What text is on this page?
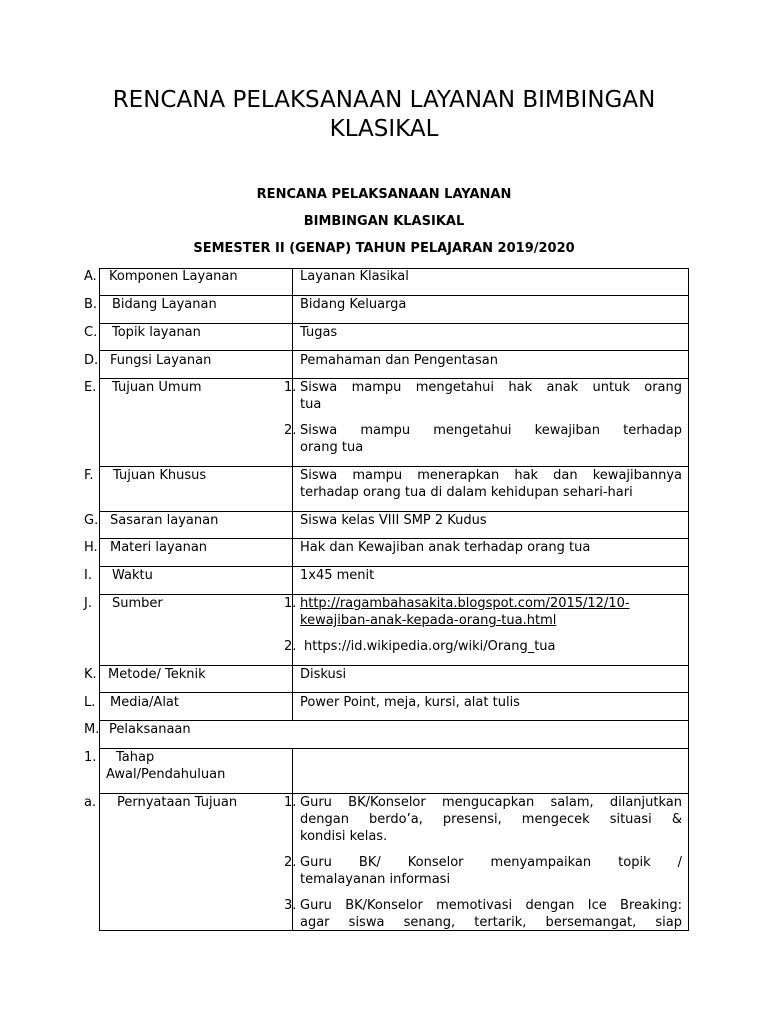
RENCANA PELAKSANAAN LAYANAN BIMBINGAN KLASIKAL
RENCANA PELAKSANAAN LAYANAN
BIMBINGAN KLASIKAL
SEMESTER II (GENAP) TAHUN PELAJARAN 2019/2020
A. Komponen Layanan	Layanan Klasikal
B. Bidang Layanan	Bidang Keluarga
C. Topik layanan	Tugas
D. Fungsi Layanan	Pemahaman dan Pengentasan
E. Tujuan Umum	1. Siswa mampu mengetahui hak anak untuk orang
tua
2. Siswa mampu mengetahui kewajiban terhadap
orang tua
F. Tujuan Khusus	Siswa mampu menerapkan hak dan kewajibannya
terhadap orang tua di dalam kehidupan sehari-hari
G. Sasaran layanan	Siswa kelas VIII SMP 2 Kudus
H. Materi layanan	Hak dan Kewajiban anak terhadap orang tua
I. Waktu	1x45 menit
J. Sumber	1. http://ragambahasakita.blogspot.com/2015/12/10-
kewajiban-anak-kepada-orang-tua.html
2. https://id.wikipedia.org/wiki/Orang_tua
K. Metode/ Teknik	Diskusi
L. Media/Alat	Power Point, meja, kursi, alat tulis
M. Pelaksanaan
1. Tahap
Awal/Pendahuluan
a. Pernyataan Tujuan	1. Guru BK/Konselor mengucapkan salam, dilanjutkan
dengan berdo’a, presensi, mengecek situasi &
kondisi kelas.
2. Guru BK/ Konselor menyampaikan topik /
temalayanan informasi
3. Guru BK/Konselor memotivasi dengan Ice Breaking:
agar siswa senang, tertarik, bersemangat, siap
